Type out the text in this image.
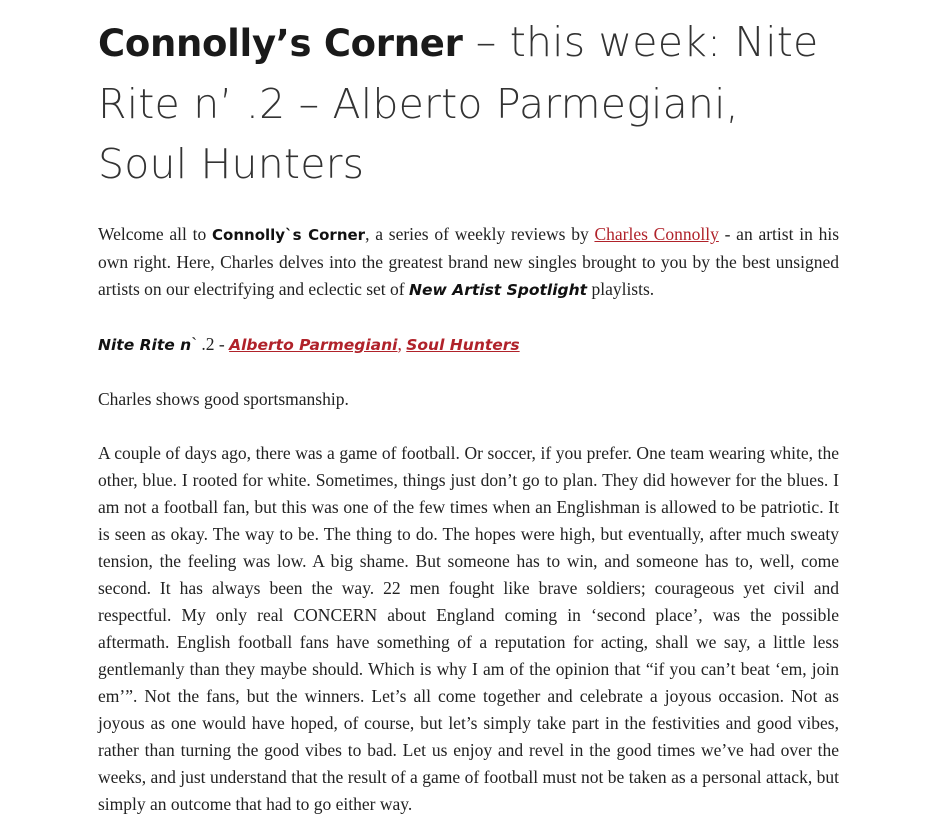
Connolly’s Corner – this week: Nite Rite n’ .2 – Alberto Parmegiani, Soul Hunters

Welcome all to Connolly`s Corner, a series of weekly reviews by Charles Connolly - an artist in his own right. Here, Charles delves into the greatest brand new singles brought to you by the best unsigned artists on our electrifying and eclectic set of New Artist Spotlight playlists.

Nite Rite n` .2 - Alberto Parmegiani, Soul Hunters

Charles shows good sportsmanship.

A couple of days ago, there was a game of football. Or soccer, if you prefer. One team wearing white, the other, blue. I rooted for white. Sometimes, things just don’t go to plan. They did however for the blues. I am not a football fan, but this was one of the few times when an Englishman is allowed to be patriotic. It is seen as okay. The way to be. The thing to do. The hopes were high, but eventually, after much sweaty tension, the feeling was low. A big shame. But someone has to win, and someone has to, well, come second. It has always been the way. 22 men fought like brave soldiers; courageous yet civil and respectful. My only real CONCERN about England coming in ‘second place’, was the possible aftermath. English football fans have something of a reputation for acting, shall we say, a little less gentlemanly than they maybe should. Which is why I am of the opinion that “if you can’t beat ‘em, join em’”. Not the fans, but the winners. Let’s all come together and celebrate a joyous occasion. Not as joyous as one would have hoped, of course, but let’s simply take part in the festivities and good vibes, rather than turning the good vibes to bad. Let us enjoy and revel in the good times we’ve had over the weeks, and just understand that the result of a game of football must not be taken as a personal attack, but simply an outcome that had to go either way.
